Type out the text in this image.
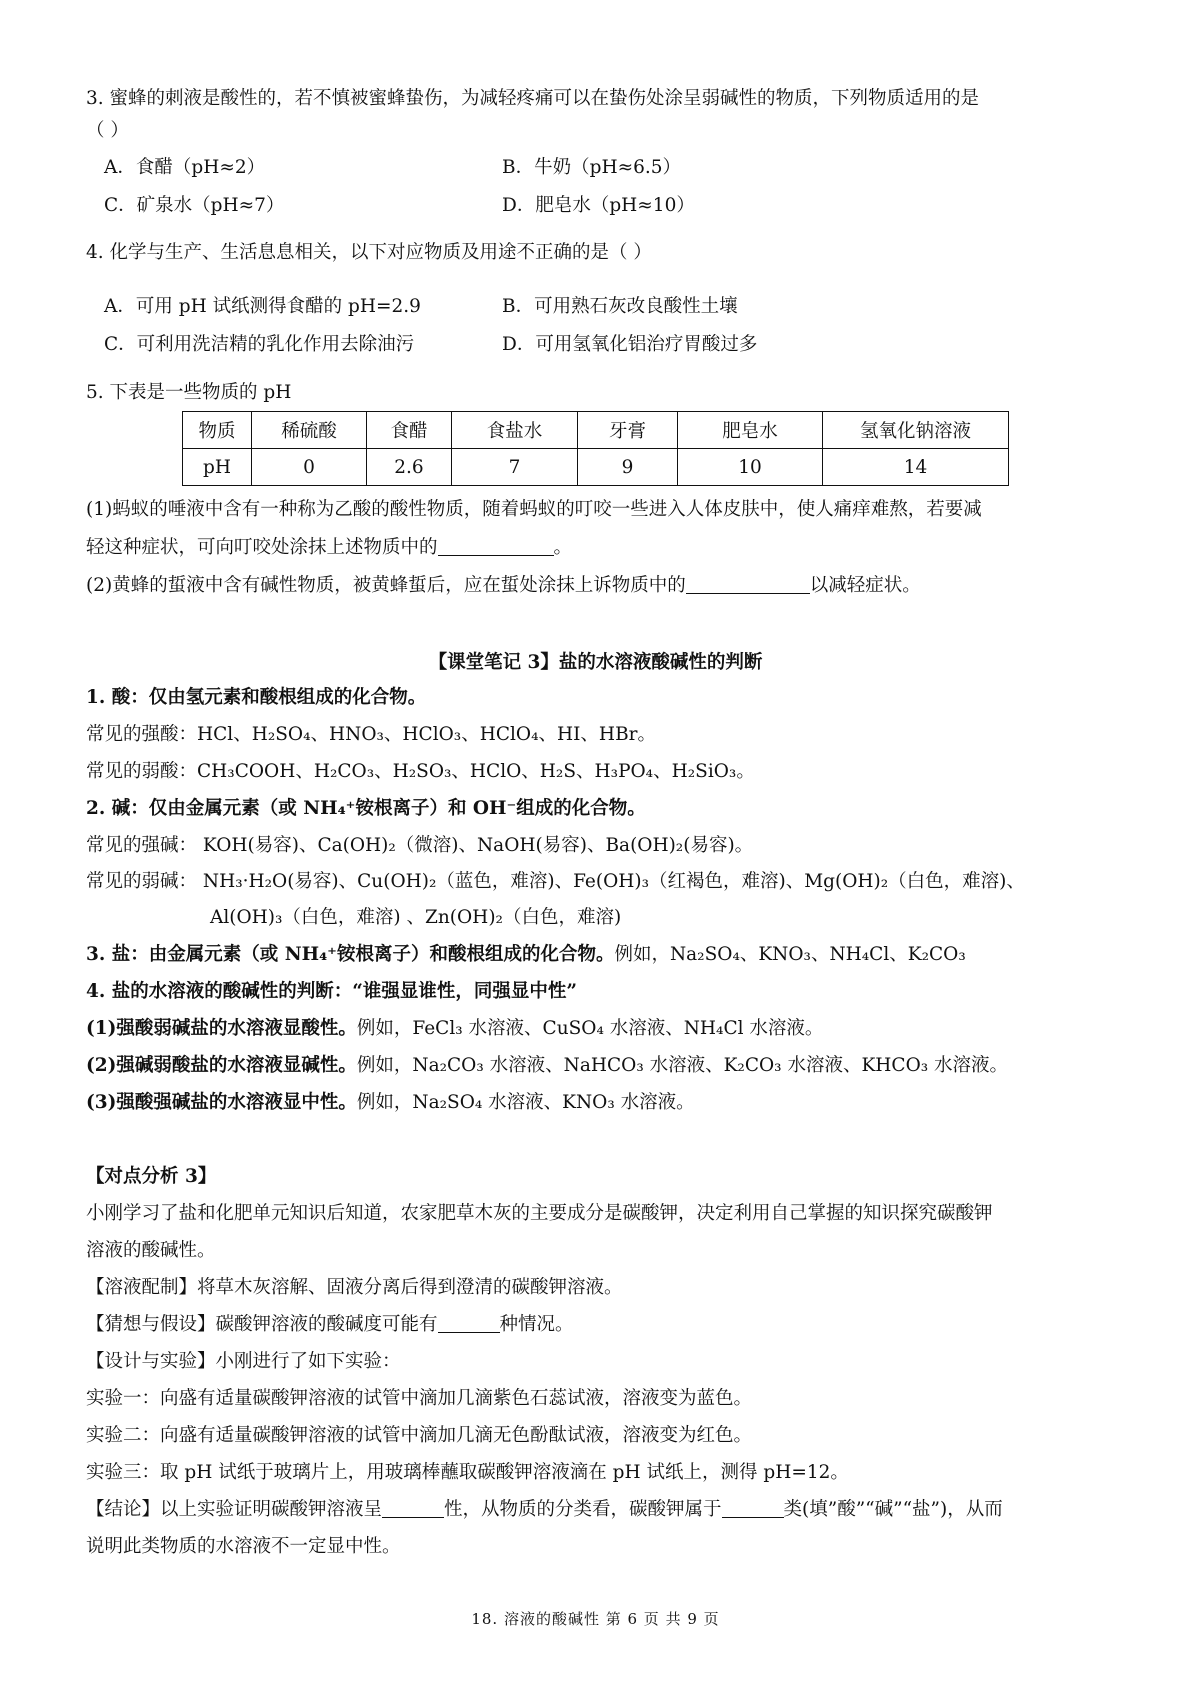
3. 蜜蜂的刺液是酸性的，若不慎被蜜蜂蛰伤，为减轻疼痛可以在蛰伤处涂呈弱碱性的物质，下列物质适用的是
（ ）
A．食醋（pH≈2）	B．牛奶（pH≈6.5）
C．矿泉水（pH≈7）	D．肥皂水（pH≈10）
4. 化学与生产、生活息息相关，以下对应物质及用途不正确的是（ ）
A．可用 pH 试纸测得食醋的 pH=2.9	B．可用熟石灰改良酸性土壤
C．可利用洗洁精的乳化作用去除油污	D．可用氢氧化铝治疗胃酸过多
5. 下表是一些物质的 pH
物质	稀硫酸	食醋	食盐水	牙膏	肥皂水	氢氧化钠溶液
pH	0	2.6	7	9	10	14
(1)蚂蚁的唾液中含有一种称为乙酸的酸性物质，随着蚂蚁的叮咬一些进入人体皮肤中，使人痛痒难熬，若要减
轻这种症状，可向叮咬处涂抹上述物质中的	。
(2)黄蜂的蜇液中含有碱性物质，被黄蜂蜇后，应在蜇处涂抹上诉物质中的	以减轻症状。
【课堂笔记 3】盐的水溶液酸碱性的判断
1. 酸：仅由氢元素和酸根组成的化合物。
常见的强酸：HCl、H₂SO₄、HNO₃、HClO₃、HClO₄、HI、HBr。
常见的弱酸：CH₃COOH、H₂CO₃、H₂SO₃、HClO、H₂S、H₃PO₄、H₂SiO₃。
2. 碱：仅由金属元素（或 NH₄⁺铵根离子）和 OH⁻组成的化合物。
常见的强碱： KOH(易容)、Ca(OH)₂（微溶)、NaOH(易容)、Ba(OH)₂(易容)。
常见的弱碱： NH₃·H₂O(易容)、Cu(OH)₂（蓝色，难溶)、Fe(OH)₃（红褐色，难溶)、Mg(OH)₂（白色，难溶)、
Al(OH)₃（白色，难溶) 、Zn(OH)₂（白色，难溶)
3. 盐：由金属元素（或 NH₄⁺铵根离子）和酸根组成的化合物。例如，Na₂SO₄、KNO₃、NH₄Cl、K₂CO₃
4. 盐的水溶液的酸碱性的判断：“谁强显谁性，同强显中性”
(1)强酸弱碱盐的水溶液显酸性。例如，FeCl₃ 水溶液、CuSO₄ 水溶液、NH₄Cl 水溶液。
(2)强碱弱酸盐的水溶液显碱性。例如，Na₂CO₃ 水溶液、NaHCO₃ 水溶液、K₂CO₃ 水溶液、KHCO₃ 水溶液。
(3)强酸强碱盐的水溶液显中性。例如，Na₂SO₄ 水溶液、KNO₃ 水溶液。
【对点分析 3】
小刚学习了盐和化肥单元知识后知道，农家肥草木灰的主要成分是碳酸钾，决定利用自己掌握的知识探究碳酸钾
溶液的酸碱性。
【溶液配制】将草木灰溶解、固液分离后得到澄清的碳酸钾溶液。
【猜想与假设】碳酸钾溶液的酸碱度可能有	种情况。
【设计与实验】小刚进行了如下实验：
实验一：向盛有适量碳酸钾溶液的试管中滴加几滴紫色石蕊试液，溶液变为蓝色。
实验二：向盛有适量碳酸钾溶液的试管中滴加几滴无色酚酞试液，溶液变为红色。
实验三：取 pH 试纸于玻璃片上，用玻璃棒蘸取碳酸钾溶液滴在 pH 试纸上，测得 pH=12。
【结论】以上实验证明碳酸钾溶液呈	性，从物质的分类看，碳酸钾属于	类(填”酸”“碱”“盐”)，从而
说明此类物质的水溶液不一定显中性。
18. 溶液的酸碱性 第 6 页 共 9 页
